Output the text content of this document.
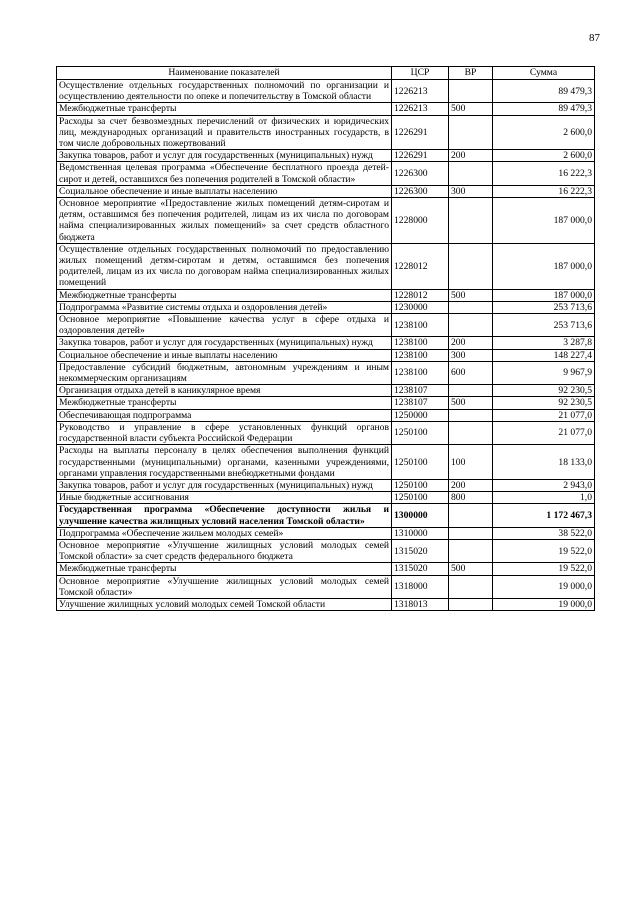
87
Наименование показателей	ЦСР	ВР	Сумма
Осуществление отдельных государственных полномочий по организации и осуществлению деятельности по опеке и попечительству в Томской области	1226213		89 479,3
Межбюджетные трансферты	1226213	500	89 479,3
Расходы за счет безвозмездных перечислений от физических и юридических лиц, международных организаций и правительств иностранных государств, в том числе добровольных пожертвований	1226291		2 600,0
Закупка товаров, работ и услуг для государственных (муниципальных) нужд	1226291	200	2 600,0
Ведомственная целевая программа «Обеспечение бесплатного проезда детей-сирот и детей, оставшихся без попечения родителей в Томской области»	1226300		16 222,3
Социальное обеспечение и иные выплаты населению	1226300	300	16 222,3
Основное мероприятие «Предоставление жилых помещений детям-сиротам и детям, оставшимся без попечения родителей, лицам из их числа по договорам найма специализированных жилых помещений» за счет средств областного бюджета	1228000		187 000,0
Осуществление отдельных государственных полномочий по предоставлению жилых помещений детям-сиротам и детям, оставшимся без попечения родителей, лицам из их числа по договорам найма специализированных жилых помещений	1228012		187 000,0
Межбюджетные трансферты	1228012	500	187 000,0
Подпрограмма «Развитие системы отдыха и оздоровления детей»	1230000		253 713,6
Основное мероприятие «Повышение качества услуг в сфере отдыха и оздоровления детей»	1238100		253 713,6
Закупка товаров, работ и услуг для государственных (муниципальных) нужд	1238100	200	3 287,8
Социальное обеспечение и иные выплаты населению	1238100	300	148 227,4
Предоставление субсидий бюджетным, автономным учреждениям и иным некоммерческим организациям	1238100	600	9 967,9
Организация отдыха детей в каникулярное время	1238107		92 230,5
Межбюджетные трансферты	1238107	500	92 230,5
Обеспечивающая подпрограмма	1250000		21 077,0
Руководство и управление в сфере установленных функций органов государственной власти субъекта Российской Федерации	1250100		21 077,0
Расходы на выплаты персоналу в целях обеспечения выполнения функций государственными (муниципальными) органами, казенными учреждениями, органами управления государственными внебюджетными фондами	1250100	100	18 133,0
Закупка товаров, работ и услуг для государственных (муниципальных) нужд	1250100	200	2 943,0
Иные бюджетные ассигнования	1250100	800	1,0
Государственная программа «Обеспечение доступности жилья и улучшение качества жилищных условий населения Томской области»	1300000		1 172 467,3
Подпрограмма «Обеспечение жильем молодых семей»	1310000		38 522,0
Основное мероприятие «Улучшение жилищных условий молодых семей Томской области» за счет средств федерального бюджета	1315020		19 522,0
Межбюджетные трансферты	1315020	500	19 522,0
Основное мероприятие «Улучшение жилищных условий молодых семей Томской области»	1318000		19 000,0
Улучшение жилищных условий молодых семей Томской области	1318013		19 000,0
